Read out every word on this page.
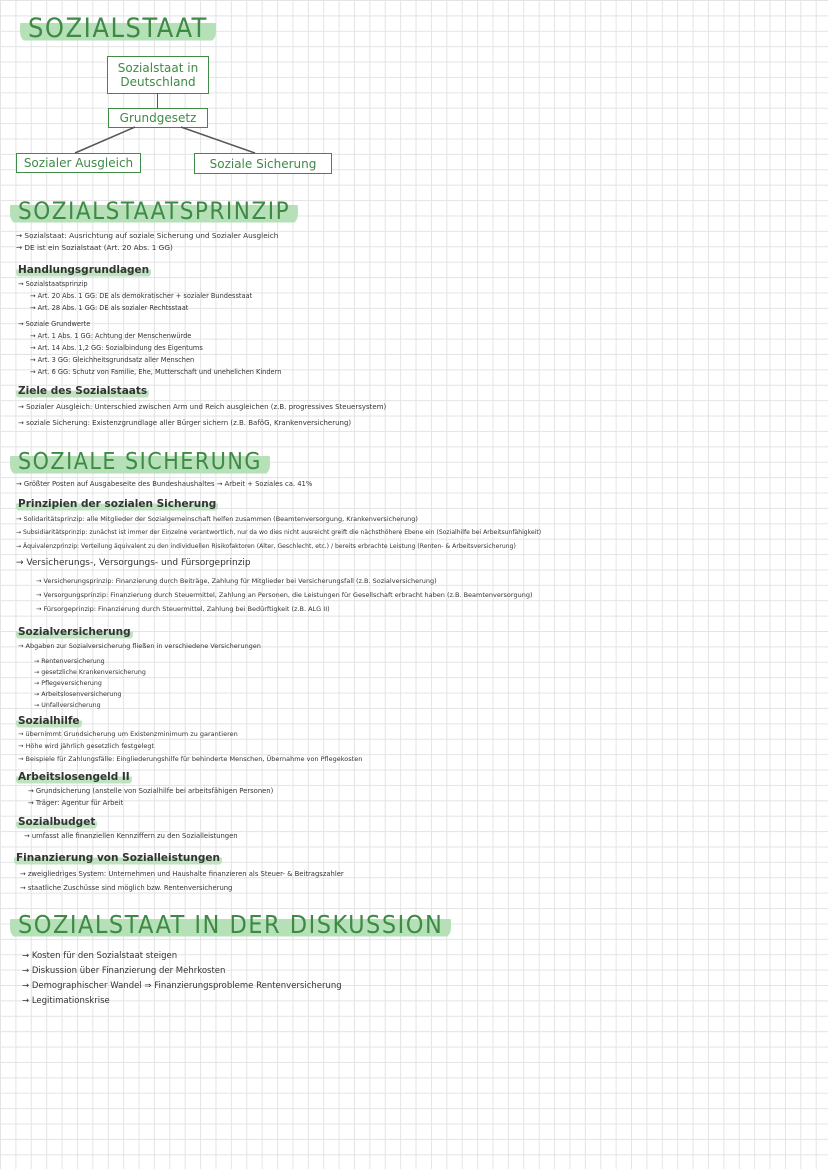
SOZIALSTAAT
Sozialstaat in Deutschland
Grundgesetz
Sozialer Ausgleich	Soziale Sicherung
SOZIALSTAATSPRINZIP
→ Sozialstaat: Ausrichtung auf soziale Sicherung und Sozialer Ausgleich
→ DE ist ein Sozialstaat (Art. 20 Abs. 1 GG)
Handlungsgrundlagen
→ Sozialstaatsprinzip
→ Art. 20 Abs. 1 GG: DE als demokratischer + sozialer Bundesstaat
→ Art. 28 Abs. 1 GG: DE als sozialer Rechtsstaat
→ Soziale Grundwerte
→ Art. 1 Abs. 1 GG: Achtung der Menschenwürde
→ Art. 14 Abs. 1,2 GG: Sozialbindung des Eigentums
→ Art. 3 GG: Gleichheitsgrundsatz aller Menschen
→ Art. 6 GG: Schutz von Familie, Ehe, Mutterschaft und unehelichen Kindern
Ziele des Sozialstaats
→ Sozialer Ausgleich: Unterschied zwischen Arm und Reich ausgleichen (z.B. progressives Steuersystem)
→ soziale Sicherung: Existenzgrundlage aller Bürger sichern (z.B. BaföG, Krankenversicherung)
SOZIALE SICHERUNG
→ Größter Posten auf Ausgabeseite des Bundeshaushaltes → Arbeit + Soziales ca. 41%
Prinzipien der sozialen Sicherung
→ Solidaritätsprinzip: alle Mitglieder der Sozialgemeinschaft helfen zusammen (Beamtenversorgung, Krankenversicherung)
→ Subsidiaritätsprinzip: zunächst ist immer der Einzelne verantwortlich, nur da wo dies nicht ausreicht greift die nächsthöhere Ebene ein (Sozialhilfe bei Arbeitsunfähigkeit)
→ Äquivalenzprinzip: Verteilung äquivalent zu den individuellen Risikofaktoren (Alter, Geschlecht, etc.) / bereits erbrachte Leistung (Renten- & Arbeitsversicherung)
→ Versicherungs-, Versorgungs- und Fürsorgeprinzip
→ Versicherungsprinzip: Finanzierung durch Beiträge, Zahlung für Mitglieder bei Versicherungsfall (z.B. Sozialversicherung)
→ Versorgungsprinzip: Finanzierung durch Steuermittel, Zahlung an Personen, die Leistungen für Gesellschaft erbracht haben (z.B. Beamtenversorgung)
→ Fürsorgeprinzip: Finanzierung durch Steuermittel, Zahlung bei Bedürftigkeit (z.B. ALG II)
Sozialversicherung
→ Abgaben zur Sozialversicherung fließen in verschiedene Versicherungen
→ Rentenversicherung
→ gesetzliche Krankenversicherung
→ Pflegeversicherung
→ Arbeitslosenversicherung
→ Unfallversicherung
Sozialhilfe
→ übernimmt Grundsicherung um Existenzminimum zu garantieren
→ Höhe wird jährlich gesetzlich festgelegt
→ Beispiele für Zahlungsfälle: Eingliederungshilfe für behinderte Menschen, Übernahme von Pflegekosten
Arbeitslosengeld II
→ Grundsicherung (anstelle von Sozialhilfe bei arbeitsfähigen Personen)
→ Träger: Agentur für Arbeit
Sozialbudget
→ umfasst alle finanziellen Kennziffern zu den Sozialleistungen
Finanzierung von Sozialleistungen
→ zweigliedriges System: Unternehmen und Haushalte finanzieren als Steuer- & Beitragszahler
→ staatliche Zuschüsse sind möglich bzw. Rentenversicherung
SOZIALSTAAT IN DER DISKUSSION
→ Kosten für den Sozialstaat steigen
→ Diskussion über Finanzierung der Mehrkosten
→ Demographischer Wandel ⇒ Finanzierungsprobleme Rentenversicherung
→ Legitimationskrise
